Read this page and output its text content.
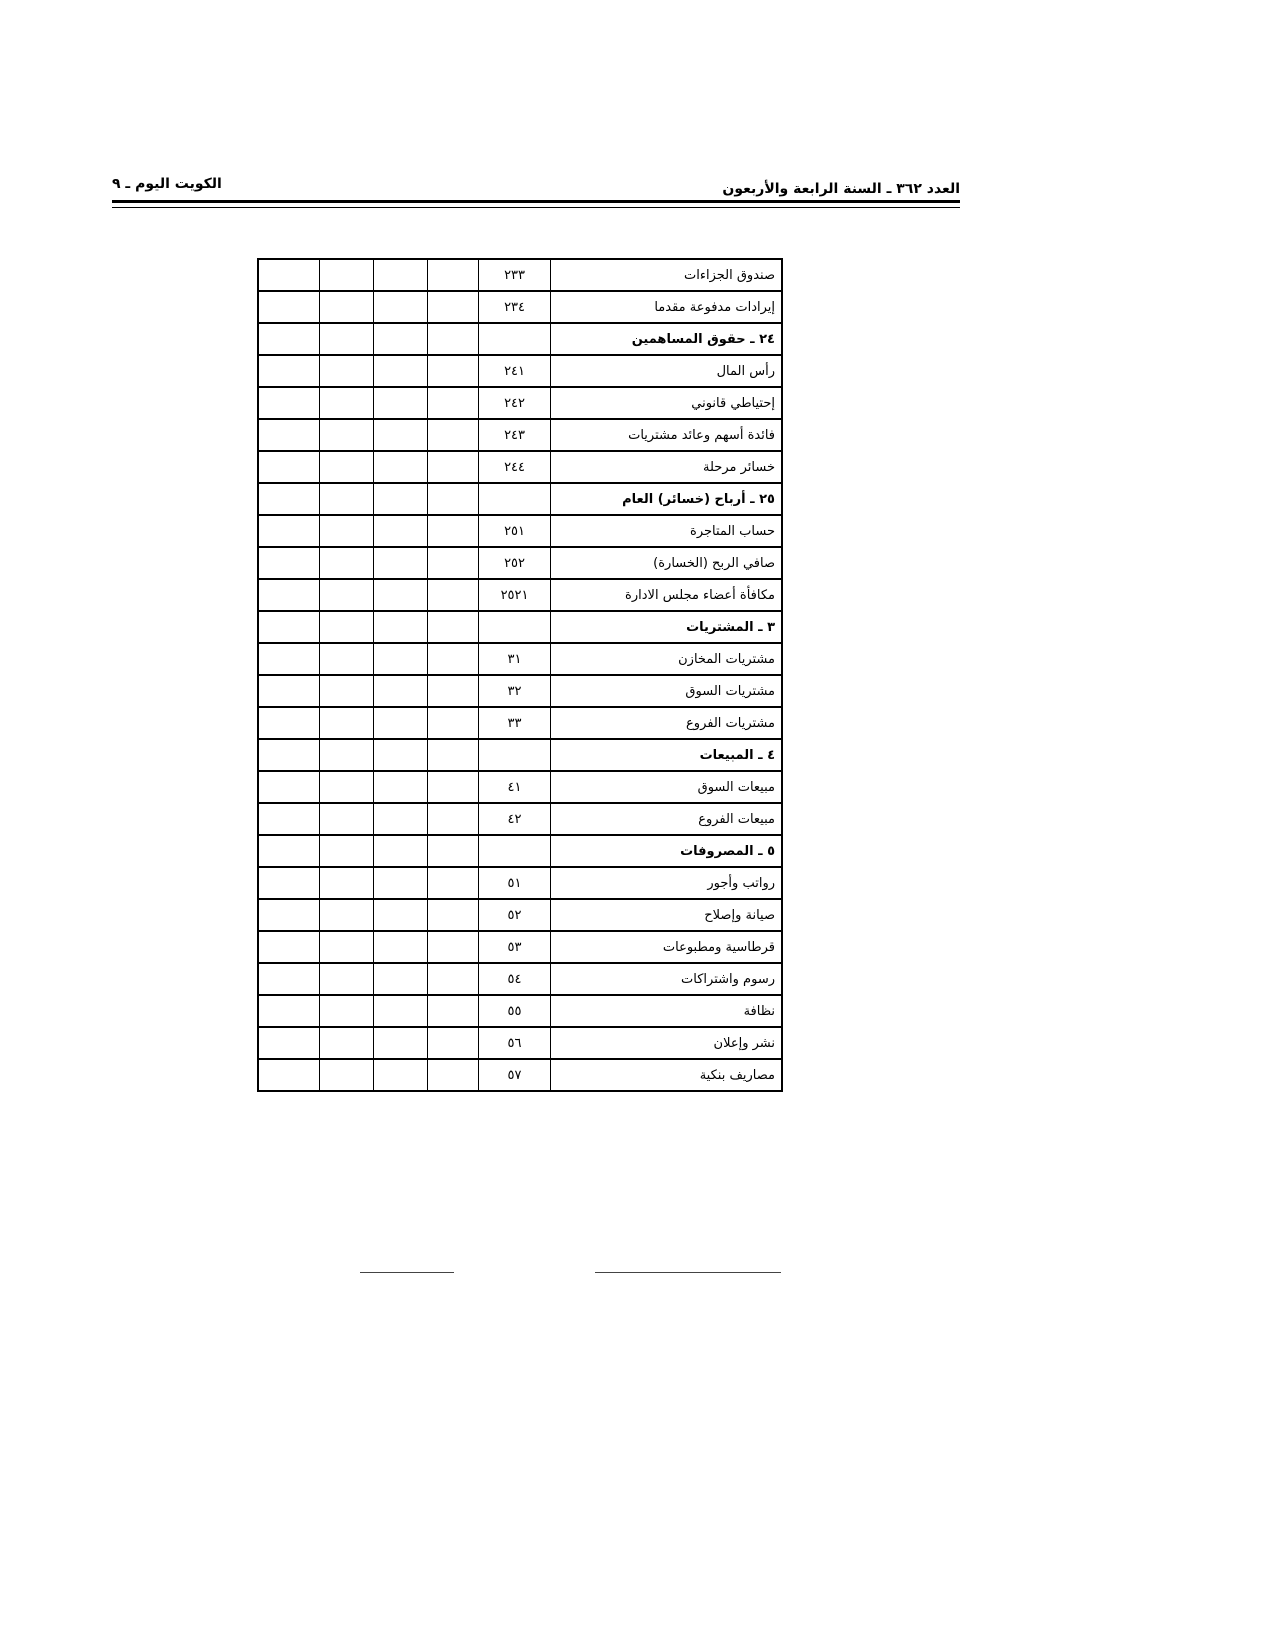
العدد ٣٦٢ ـ السنة الرابعة والأربعون
الكويت اليوم ـ ٩
صندوق الجزاءات	٢٣٣				
إيرادات مدفوعة مقدما	٢٣٤				
٢٤ ـ حقوق المساهمين					
رأس المال	٢٤١				
إحتياطي قانوني	٢٤٢				
فائدة أسهم وعائد مشتريات	٢٤٣				
خسائر مرحلة	٢٤٤				
٢٥ ـ أرباح (خسائر) العام					
حساب المتاجرة	٢٥١				
صافي الربح (الخسارة)	٢٥٢				
مكافأة أعضاء مجلس الادارة	٢٥٢١				
٣ ـ المشتريات					
مشتريات المخازن	٣١				
مشتريات السوق	٣٢				
مشتريات الفروع	٣٣				
٤ ـ المبيعات					
مبيعات السوق	٤١				
مبيعات الفروع	٤٢				
٥ ـ المصروفات					
رواتب وأجور	٥١				
صيانة وإصلاح	٥٢				
قرطاسية ومطبوعات	٥٣				
رسوم واشتراكات	٥٤				
نظافة	٥٥				
نشر وإعلان	٥٦				
مصاريف بنكية	٥٧				
